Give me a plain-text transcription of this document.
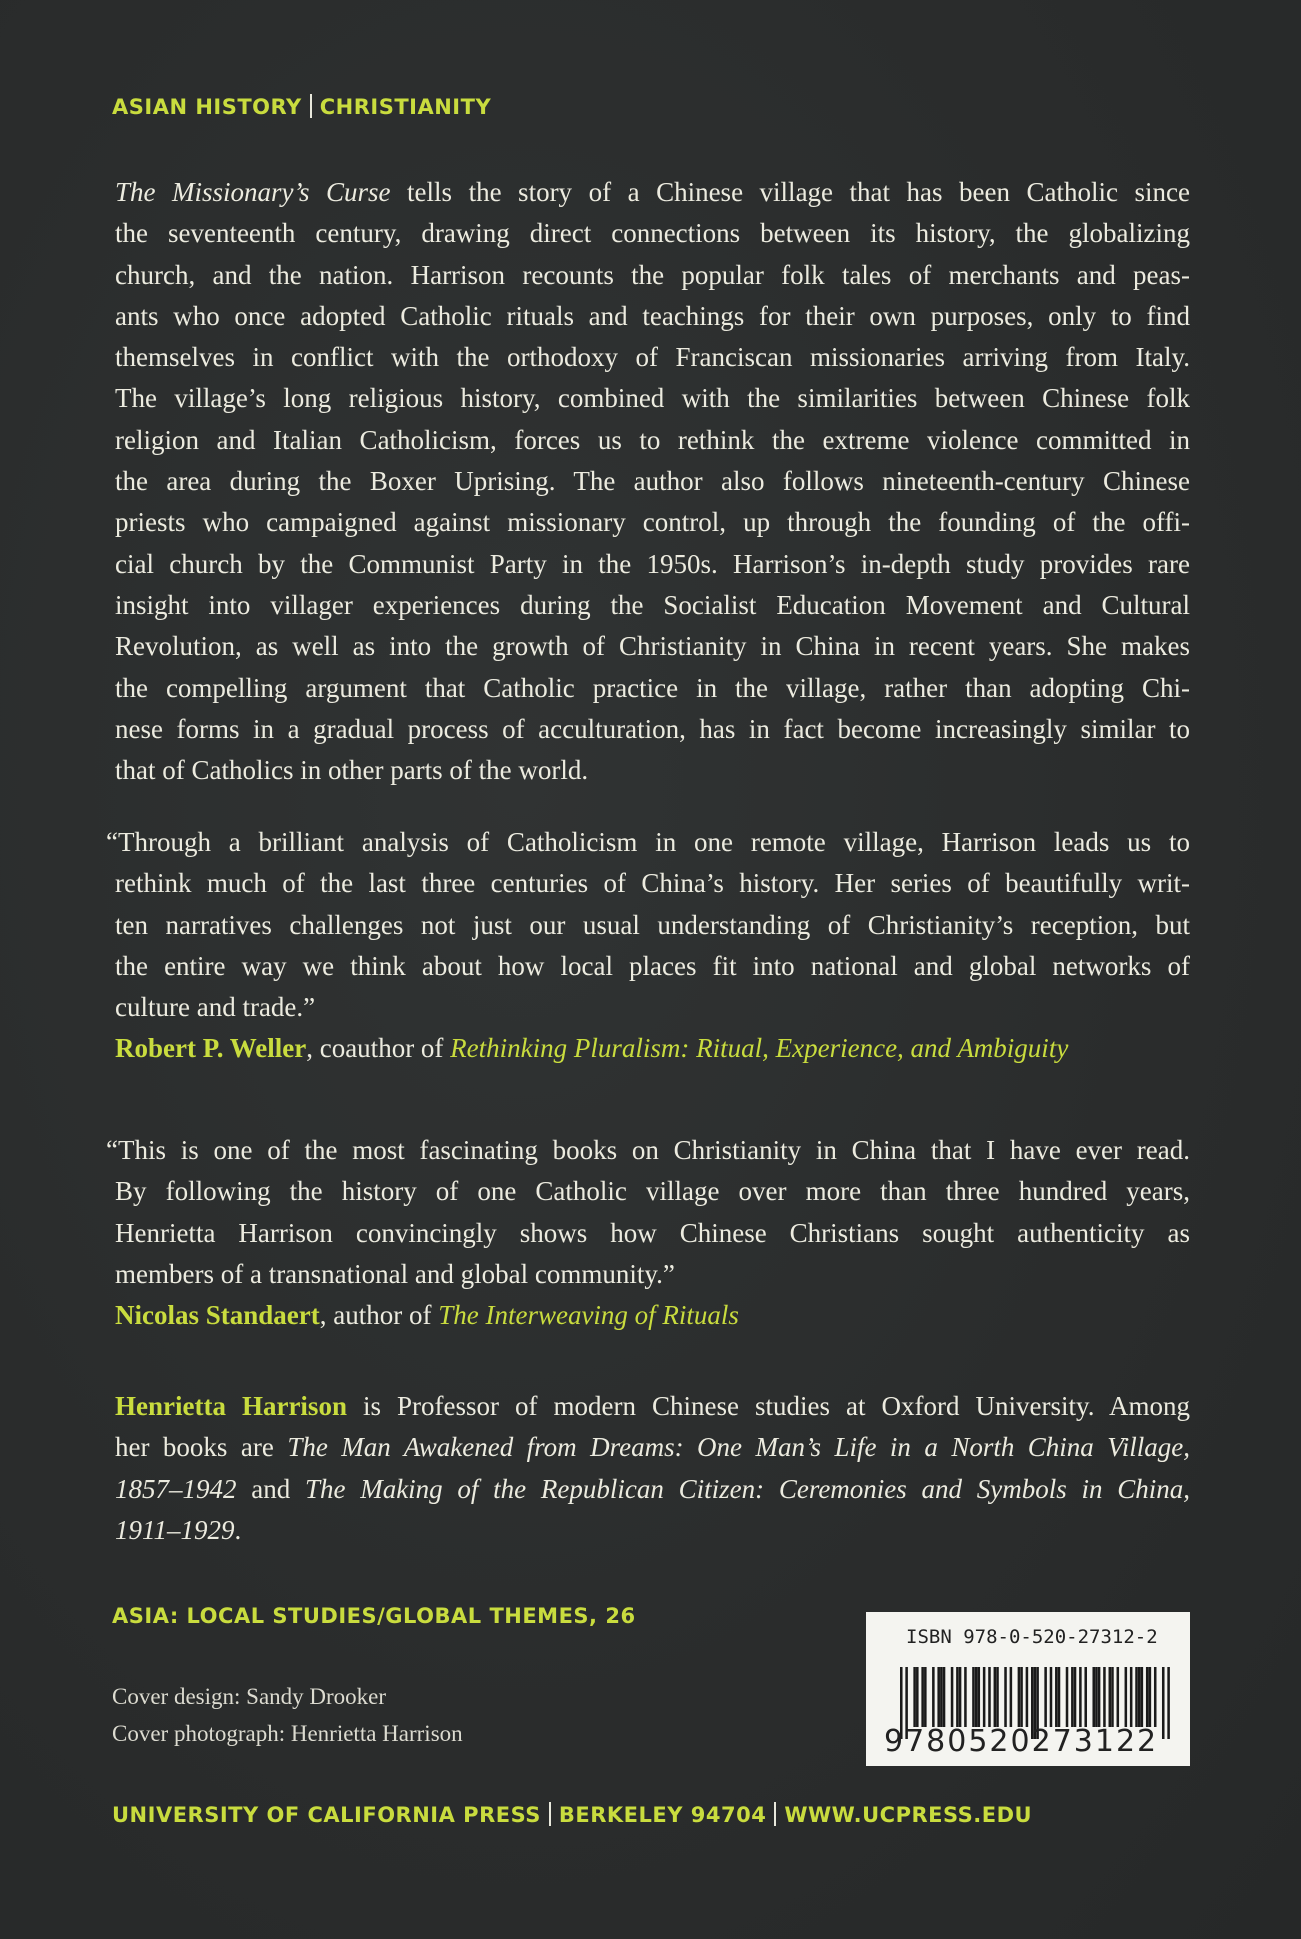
ASIAN HISTORY CHRISTIANITY
The Missionary’s Curse tells the story of a Chinese village that has been Catholic since
the seventeenth century, drawing direct connections between its history, the globalizing
church, and the nation. Harrison recounts the popular folk tales of merchants and peas-
ants who once adopted Catholic rituals and teachings for their own purposes, only to find
themselves in conflict with the orthodoxy of Franciscan missionaries arriving from Italy.
The village’s long religious history, combined with the similarities between Chinese folk
religion and Italian Catholicism, forces us to rethink the extreme violence committed in
the area during the Boxer Uprising. The author also follows nineteenth-century Chinese
priests who campaigned against missionary control, up through the founding of the offi-
cial church by the Communist Party in the 1950s. Harrison’s in-depth study provides rare
insight into villager experiences during the Socialist Education Movement and Cultural
Revolution, as well as into the growth of Christianity in China in recent years. She makes
the compelling argument that Catholic practice in the village, rather than adopting Chi-
nese forms in a gradual process of acculturation, has in fact become increasingly similar to
that of Catholics in other parts of the world.
“Through a brilliant analysis of Catholicism in one remote village, Harrison leads us to
rethink much of the last three centuries of China’s history. Her series of beautifully writ-
ten narratives challenges not just our usual understanding of Christianity’s reception, but
the entire way we think about how local places fit into national and global networks of
culture and trade.”
Robert P. Weller, coauthor of Rethinking Pluralism: Ritual, Experience, and Ambiguity
“This is one of the most fascinating books on Christianity in China that I have ever read.
By following the history of one Catholic village over more than three hundred years,
Henrietta Harrison convincingly shows how Chinese Christians sought authenticity as
members of a transnational and global community.”
Nicolas Standaert, author of The Interweaving of Rituals
Henrietta Harrison is Professor of modern Chinese studies at Oxford University. Among
her books are The Man Awakened from Dreams: One Man’s Life in a North China Village,
1857–1942 and The Making of the Republican Citizen: Ceremonies and Symbols in China,
1911–1929.
ASIA: LOCAL STUDIES/GLOBAL THEMES, 26
Cover design: Sandy Drooker
Cover photograph: Henrietta Harrison
ISBN 978-0-520-27312-2
9780520273122
UNIVERSITY OF CALIFORNIA PRESS BERKELEY 94704 WWW.UCPRESS.EDU
